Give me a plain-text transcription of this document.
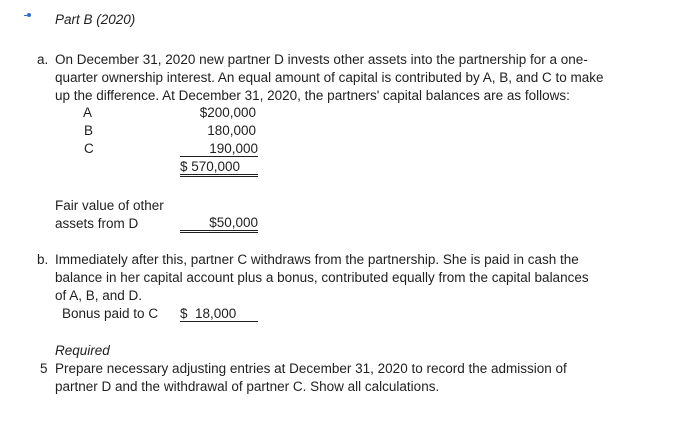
Part B (2020)
a. On December 31, 2020 new partner D invests other assets into the partnership for a one-
quarter ownership interest. An equal amount of capital is contributed by A, B, and C to make
up the difference. At December 31, 2020, the partners' capital balances are as follows:
A	$200,000
B	180,000
C	190,000
$ 570,000
Fair value of other
assets from D	$50,000
b. Immediately after this, partner C withdraws from the partnership. She is paid in cash the
balance in her capital account plus a bonus, contributed equally from the capital balances
of A, B, and D.
Bonus paid to C $  18,000
Required
5 Prepare necessary adjusting entries at December 31, 2020 to record the admission of
partner D and the withdrawal of partner C. Show all calculations.
